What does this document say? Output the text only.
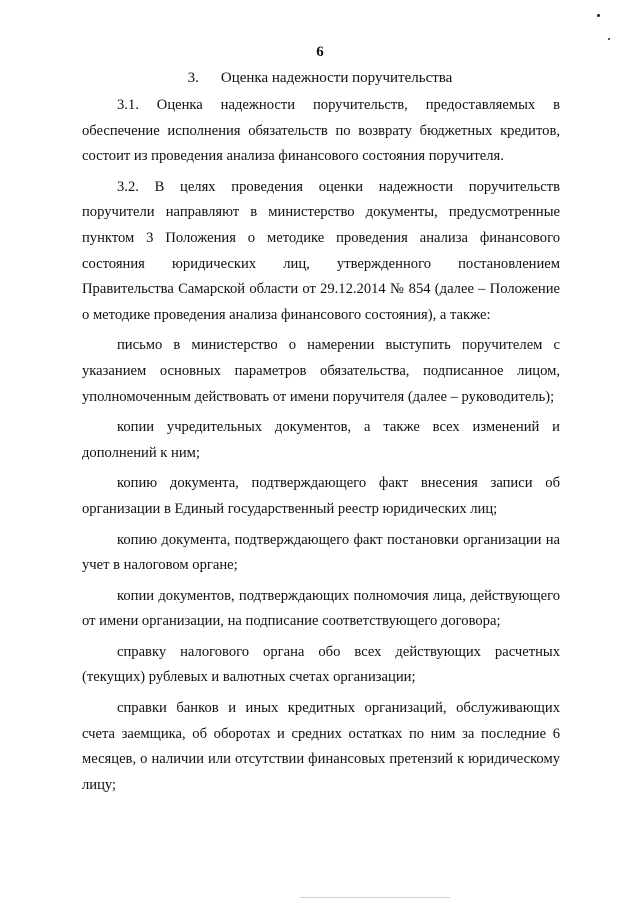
6
3. Оценка надежности поручительства

3.1. Оценка надежности поручительств, предоставляемых в обеспечение исполнения обязательств по возврату бюджетных кредитов, состоит из проведения анализа финансового состояния поручителя.

3.2. В целях проведения оценки надежности поручительств поручители направляют в министерство документы, предусмотренные пунктом 3 Положения о методике проведения анализа финансового состояния юридических лиц, утвержденного постановлением Правительства Самарской области от 29.12.2014 № 854 (далее – Положение о методике проведения анализа финансового состояния), а также:

письмо в министерство о намерении выступить поручителем с указанием основных параметров обязательства, подписанное лицом, уполномоченным действовать от имени поручителя (далее – руководитель);

копии учредительных документов, а также всех изменений и дополнений к ним;

копию документа, подтверждающего факт внесения записи об организации в Единый государственный реестр юридических лиц;

копию документа, подтверждающего факт постановки организации на учет в налоговом органе;

копии документов, подтверждающих полномочия лица, действующего от имени организации, на подписание соответствующего договора;

справку налогового органа обо всех действующих расчетных (текущих) рублевых и валютных счетах организации;

справки банков и иных кредитных организаций, обслуживающих счета заемщика, об оборотах и средних остатках по ним за последние 6 месяцев, о наличии или отсутствии финансовых претензий к юридическому лицу;
